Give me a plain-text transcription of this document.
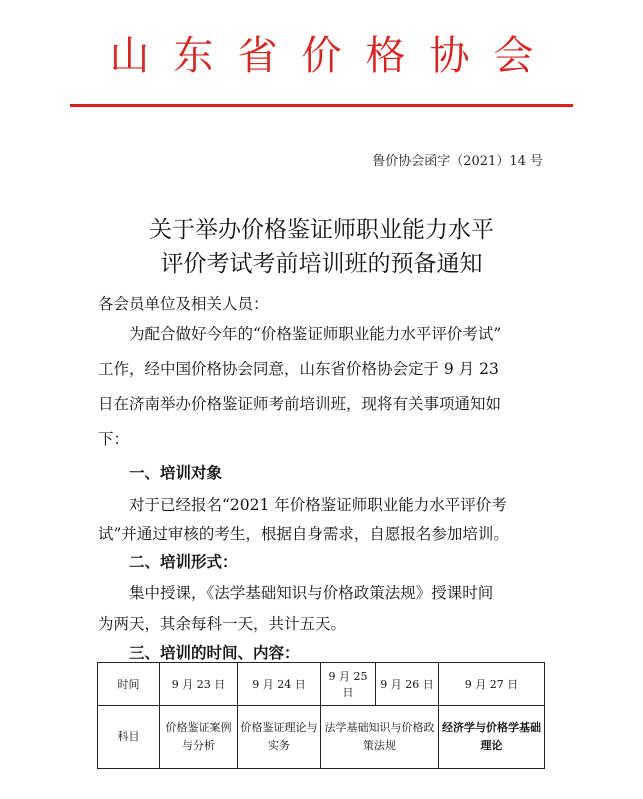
山东省价格协会
鲁价协会函字（2021）14 号
关于举办价格鉴证师职业能力水平
评价考试考前培训班的预备通知
各会员单位及相关人员：
为配合做好今年的“价格鉴证师职业能力水平评价考试”
工作，经中国价格协会同意，山东省价格协会定于 9 月 23
日在济南举办价格鉴证师考前培训班，现将有关事项通知如
下：
一、培训对象
对于已经报名“2021 年价格鉴证师职业能力水平评价考
试”并通过审核的考生，根据自身需求，自愿报名参加培训。
二、培训形式：
集中授课，《法学基础知识与价格政策法规》授课时间
为两天，其余每科一天，共计五天。
三、培训的时间、内容：
时间	9 月 23 日	9 月 24 日	9 月 25 日	9 月 26 日	9 月 27 日
科目	价格鉴证案例与分析	价格鉴证理论与实务	法学基础知识与价格政策法规		经济学与价格学基础理论
